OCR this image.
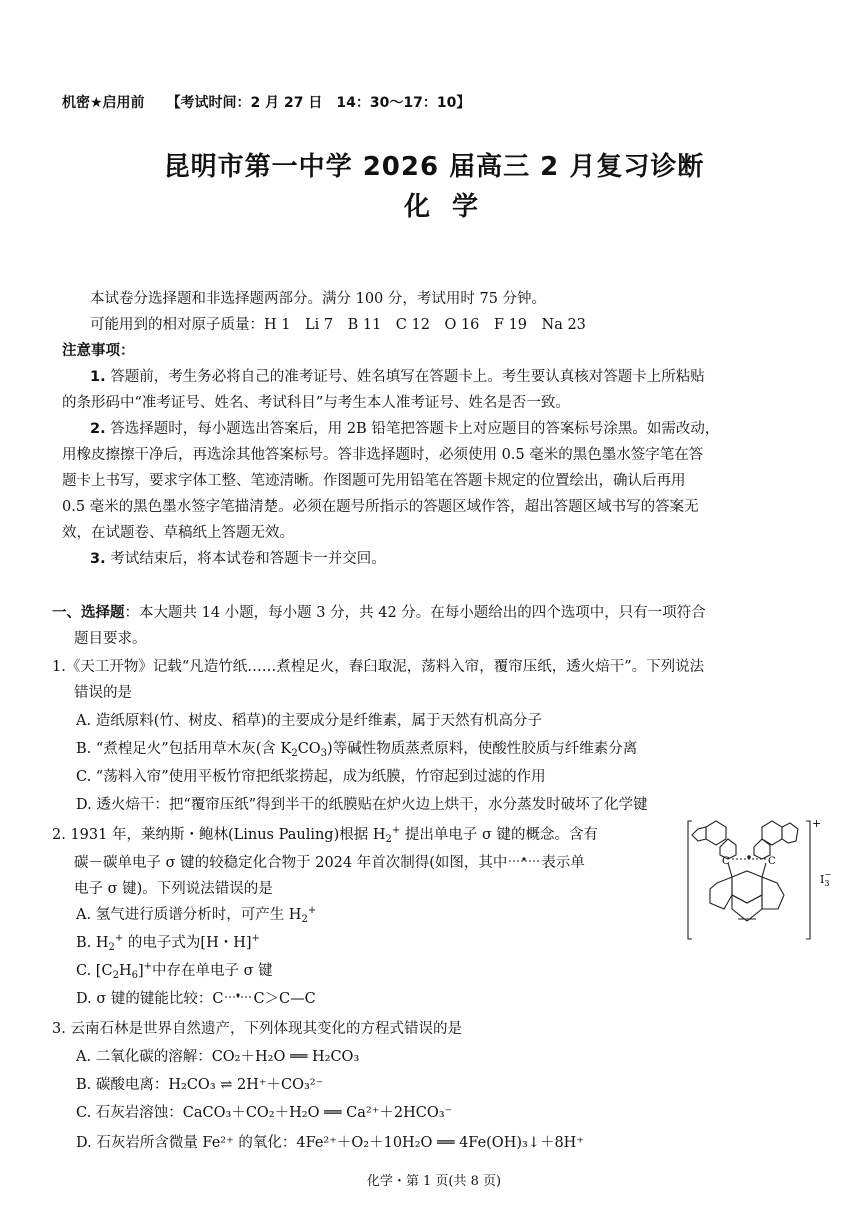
机密★启用前 【考试时间：2 月 27 日　14：30～17：10】
昆明市第一中学 2026 届高三 2 月复习诊断
化学
本试卷分选择题和非选择题两部分。满分 100 分，考试用时 75 分钟。
可能用到的相对原子质量：H 1　Li 7　B 11　C 12　O 16　F 19　Na 23
注意事项：
1. 答题前，考生务必将自己的准考证号、姓名填写在答题卡上。考生要认真核对答题卡上所粘贴
的条形码中“准考证号、姓名、考试科目”与考生本人准考证号、姓名是否一致。
2. 答选择题时，每小题选出答案后，用 2B 铅笔把答题卡上对应题目的答案标号涂黑。如需改动，
用橡皮擦擦干净后，再选涂其他答案标号。答非选择题时，必须使用 0.5 毫米的黑色墨水签字笔在答
题卡上书写，要求字体工整、笔迹清晰。作图题可先用铅笔在答题卡规定的位置绘出，确认后再用
0.5 毫米的黑色墨水签字笔描清楚。必须在题号所指示的答题区域作答，超出答题区域书写的答案无
效，在试题卷、草稿纸上答题无效。
3. 考试结束后，将本试卷和答题卡一并交回。
一、选择题：本大题共 14 小题，每小题 3 分，共 42 分。在每小题给出的四个选项中，只有一项符合
题目要求。
1.《天工开物》记载“凡造竹纸……煮楻足火，舂臼取泥，荡料入帘，覆帘压纸，透火焙干”。下列说法
错误的是
A. 造纸原料(竹、树皮、稻草)的主要成分是纤维素，属于天然有机高分子
B. “煮楻足火”包括用草木灰(含 $K_2CO_3$)等碱性物质蒸煮原料，使酸性胶质与纤维素分离
C. “荡料入帘”使用平板竹帘把纸浆捞起，成为纸膜，竹帘起到过滤的作用
D. 透火焙干：把“覆帘压纸”得到半干的纸膜贴在炉火边上烘干，水分蒸发时破坏了化学键
2. 1931 年，莱纳斯・鲍林(Linus Pauling)根据 $H_2^+$ 提出单电子 σ 键的概念。含有
碳－碳单电子 σ 键的较稳定化合物于 2024 年首次制得(如图，其中 表示单
电子 σ 键)。下列说法错误的是
A. 氢气进行质谱分析时，可产生 $H_2^+$
B. $H_2^+$ 的电子式为[H・H]+
C. $[C_2H_6]^+$中存在单电子 σ 键
D. σ 键的键能比较：C C＞C—C
C	C
+
$I_3-$
3. 云南石林是世界自然遗产，下列体现其变化的方程式错误的是
A. 二氧化碳的溶解：CO₂＋H₂O ══ H₂CO₃
B. 碳酸电离：H₂CO₃ ⇌ 2H⁺＋CO₃²⁻
C. 石灰岩溶蚀：CaCO₃＋CO₂＋H₂O ══ Ca²⁺＋2HCO₃⁻
D. 石灰岩所含微量 Fe²⁺ 的氧化：4Fe²⁺＋O₂＋10H₂O ══ 4Fe(OH)₃↓＋8H⁺
化学・第 1 页(共 8 页)
